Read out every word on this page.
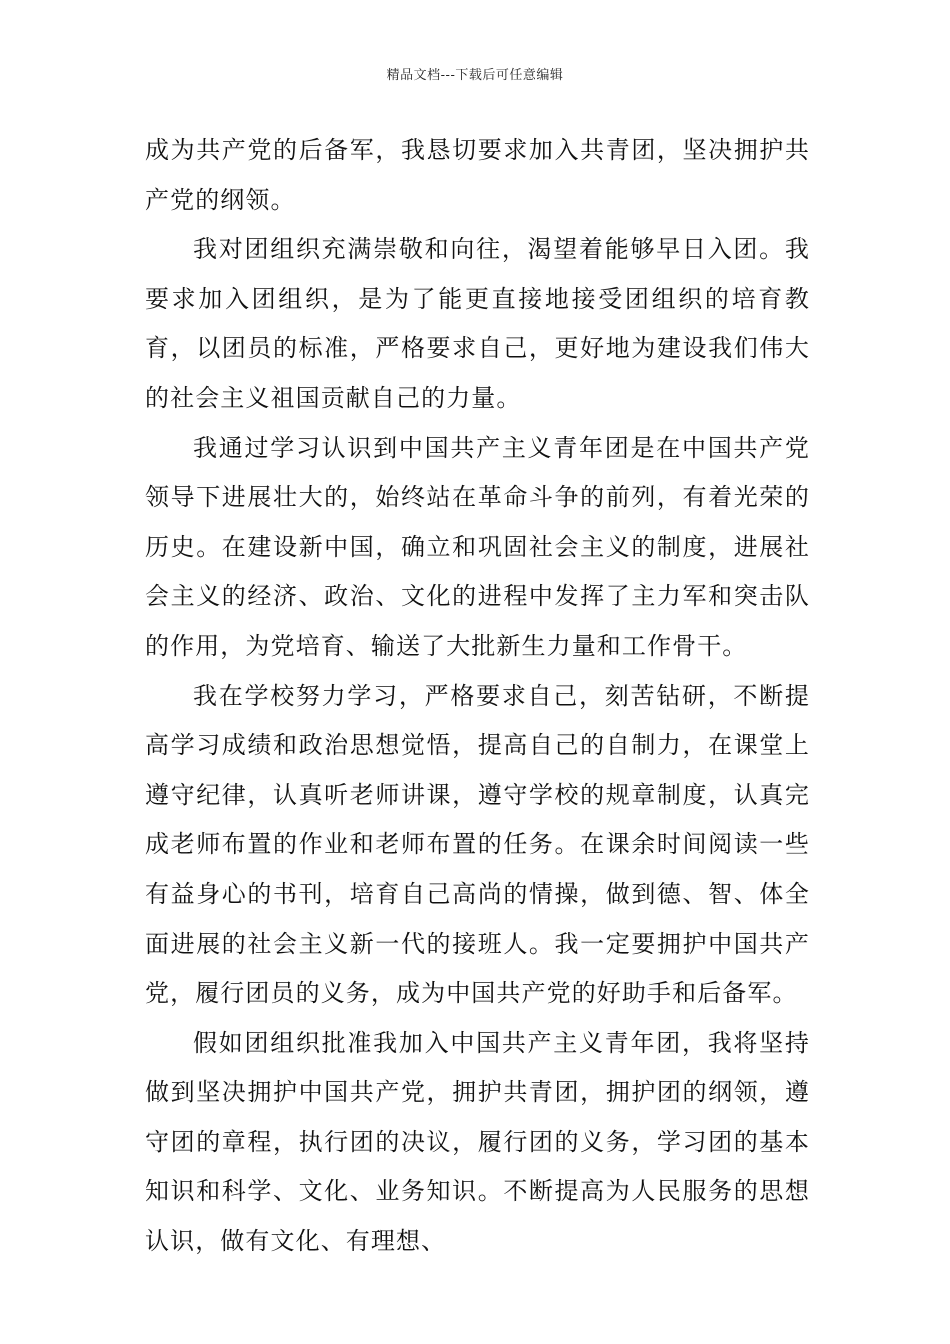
精品文档---下载后可任意编辑

成为共产党的后备军，我恳切要求加入共青团，坚决拥护共产党的纲领。

我对团组织充满崇敬和向往，渴望着能够早日入团。我要求加入团组织，是为了能更直接地接受团组织的培育教育，以团员的标准，严格要求自己，更好地为建设我们伟大的社会主义祖国贡献自己的力量。

我通过学习认识到中国共产主义青年团是在中国共产党领导下进展壮大的，始终站在革命斗争的前列，有着光荣的历史。在建设新中国，确立和巩固社会主义的制度，进展社会主义的经济、政治、文化的进程中发挥了主力军和突击队的作用，为党培育、输送了大批新生力量和工作骨干。

我在学校努力学习，严格要求自己，刻苦钻研，不断提高学习成绩和政治思想觉悟，提高自己的自制力，在课堂上遵守纪律，认真听老师讲课，遵守学校的规章制度，认真完成老师布置的作业和老师布置的任务。在课余时间阅读一些有益身心的书刊，培育自己高尚的情操，做到德、智、体全面进展的社会主义新一代的接班人。我一定要拥护中国共产党，履行团员的义务，成为中国共产党的好助手和后备军。

假如团组织批准我加入中国共产主义青年团，我将坚持做到坚决拥护中国共产党，拥护共青团，拥护团的纲领，遵守团的章程，执行团的决议，履行团的义务，学习团的基本知识和科学、文化、业务知识。不断提高为人民服务的思想认识，做有文化、有理想、
